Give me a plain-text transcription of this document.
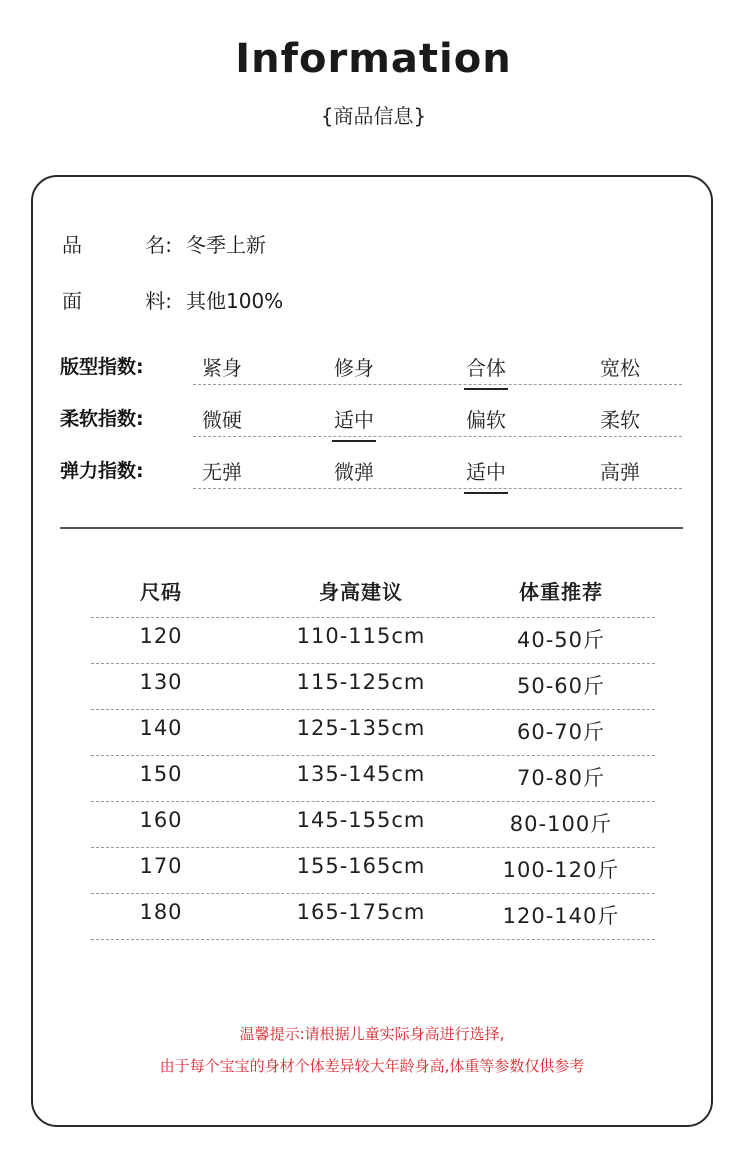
Information
{商品信息}
品	名: 冬季上新
面	料: 其他100%
版型指数:	紧身	修身	合体	宽松
柔软指数:	微硬	适中	偏软	柔软
弹力指数:	无弹	微弹	适中	高弹
尺码	身高建议	体重推荐
120	110-115cm	40-50斤
130	115-125cm	50-60斤
140	125-135cm	60-70斤
150	135-145cm	70-80斤
160	145-155cm	80-100斤
170	155-165cm	100-120斤
180	165-175cm	120-140斤
温馨提示:请根据儿童实际身高进行选择,
由于每个宝宝的身材个体差异较大年龄身高,体重等参数仅供参考
